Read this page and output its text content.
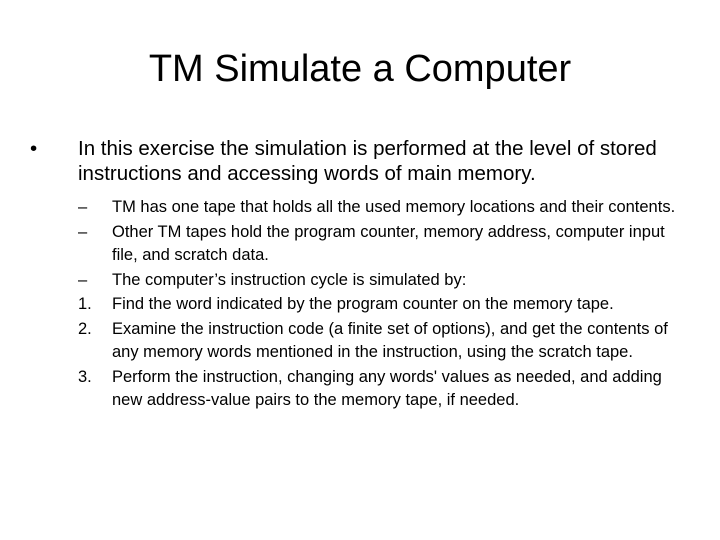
TM Simulate a Computer
•	In this exercise the simulation is performed at the level of stored instructions and accessing words of main memory.
–	TM has one tape that holds all the used memory locations and their contents.
–	Other TM tapes hold the program counter, memory address, computer input file, and scratch data.
–	The computer’s instruction cycle is simulated by:
1.	Find the word indicated by the program counter on the memory tape.
2.	Examine the instruction code (a finite set of options), and get the contents of any memory words mentioned in the instruction, using the scratch tape.
3.	Perform the instruction, changing any words' values as needed, and adding new address-value pairs to the memory tape, if needed.
